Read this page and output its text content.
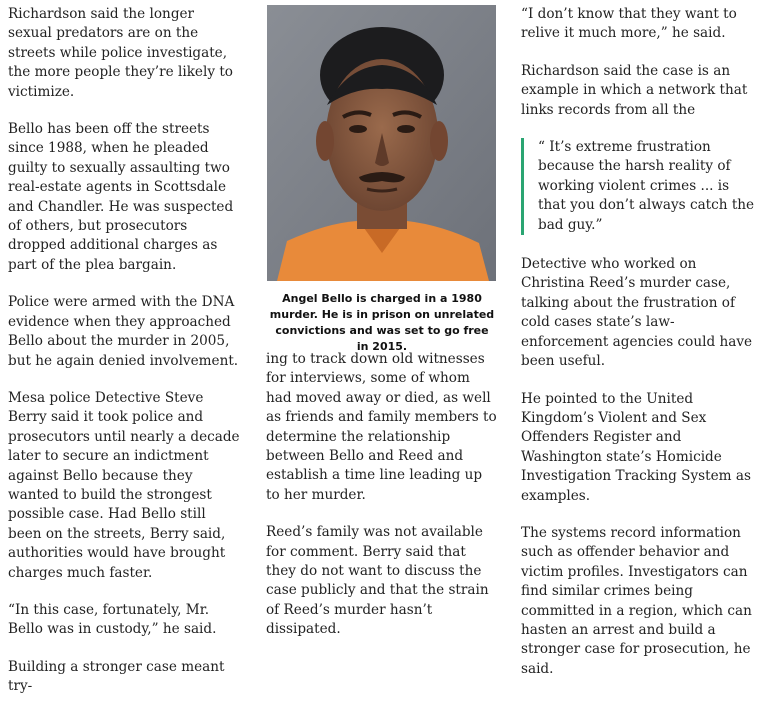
Richardson said the longer sexual predators are on the streets while police investigate, the more people they’re likely to victimize.

Bello has been off the streets since 1988, when he pleaded guilty to sexually assaulting two real-estate agents in Scottsdale and Chandler. He was suspected of others, but prosecutors dropped additional charges as part of the plea bargain.

Police were armed with the DNA evidence when they approached Bello about the murder in 2005, but he again denied involvement.

Mesa police Detective Steve Berry said it took police and prosecutors until nearly a decade later to secure an indictment against Bello because they wanted to build the strongest possible case. Had Bello still been on the streets, Berry said, authorities would have brought charges much faster.

“In this case, fortunately, Mr. Bello was in custody,” he said.

Building a stronger case meant try-

Angel Bello is charged in a 1980 murder. He is in prison on unrelated convictions and was set to go free in 2015.

ing to track down old witnesses for interviews, some of whom had moved away or died, as well as friends and family members to determine the relationship between Bello and Reed and establish a time line leading up to her murder.

Reed’s family was not available for comment. Berry said that they do not want to discuss the case publicly and that the strain of Reed’s murder hasn’t dissipated.

“I don’t know that they want to relive it much more,” he said.

Richardson said the case is an example in which a network that links records from all the

“ It’s extreme frustration because the harsh reality of working violent crimes ... is that you don’t always catch the bad guy.”

Detective who worked on Christina Reed’s murder case, talking about the frustration of cold cases state’s law-enforcement agencies could have been useful.

He pointed to the United Kingdom’s Violent and Sex Offenders Register and Washington state’s Homicide Investigation Tracking System as examples.

The systems record information such as offender behavior and victim profiles. Investigators can find similar crimes being committed in a region, which can hasten an arrest and build a stronger case for prosecution, he said.
